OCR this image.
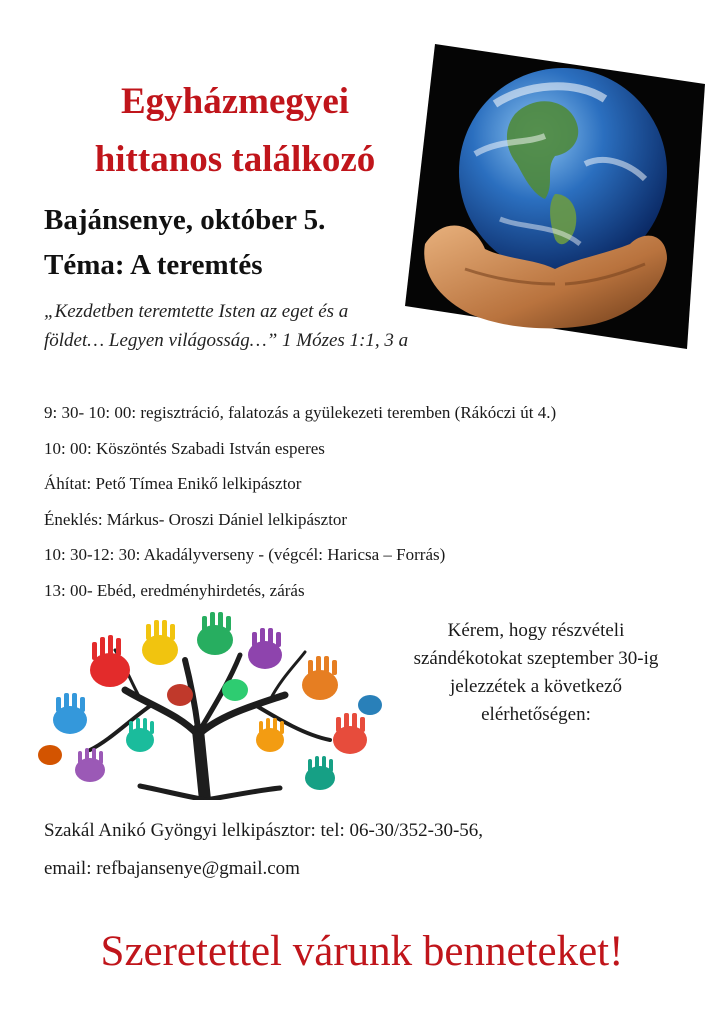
Egyházmegyei
hittanos találkozó
Bajánsenye, október 5.
Téma: A teremtés
„Kezdetben teremtette Isten az eget és a
földet… Legyen világosság…” 1 Mózes 1:1, 3 a
9: 30- 10: 00: regisztráció, falatozás a gyülekezeti teremben (Rákóczi út 4.)
10: 00: Köszöntés Szabadi István esperes
Áhítat: Pető Tímea Enikő lelkipásztor
Éneklés: Márkus- Oroszi Dániel lelkipásztor
10: 30-12: 30: Akadályverseny - (végcél: Haricsa – Forrás)
13: 00- Ebéd, eredményhirdetés, zárás
Kérem, hogy részvételi
szándékotokat szeptember 30-ig
jelezzétek a következő
elérhetőségen:
Szakál Anikó Gyöngyi lelkipásztor: tel: 06-30/352-30-56,
email: refbajansenye@gmail.com
Szeretettel várunk benneteket!
